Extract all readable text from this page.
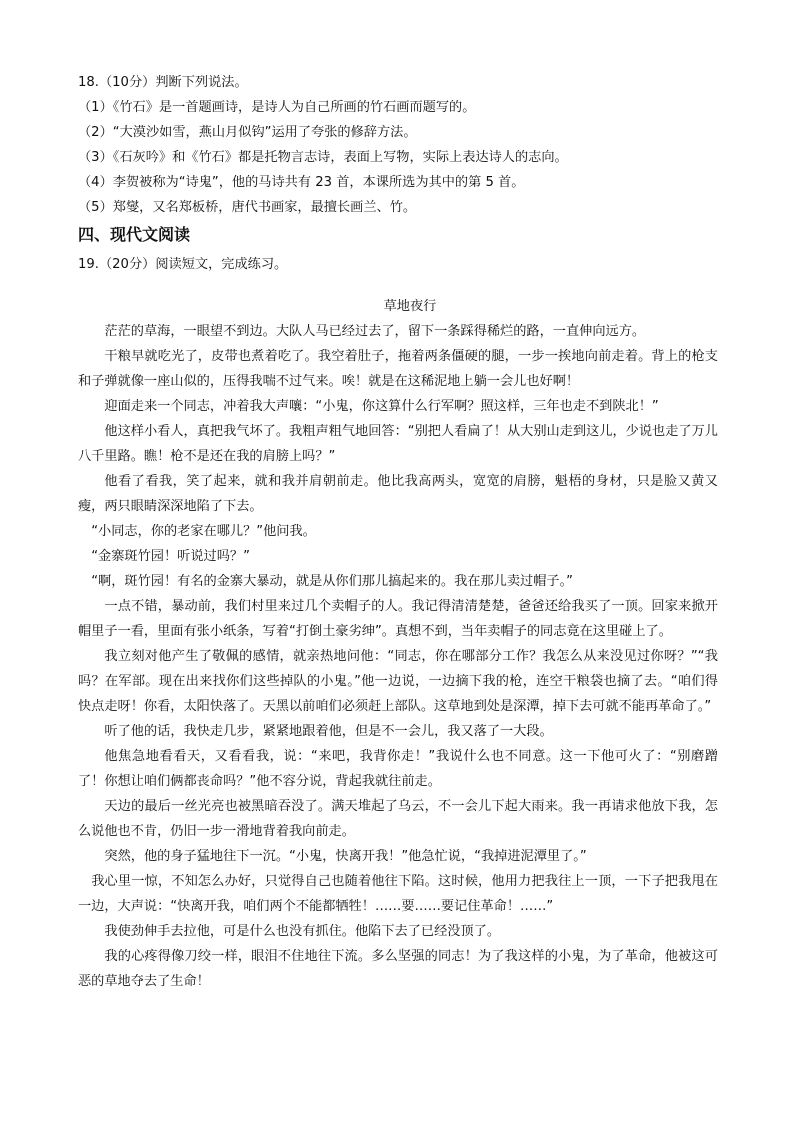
18.（10分）判断下列说法。
（1）《竹石》是一首题画诗，是诗人为自己所画的竹石画而题写的。
（2）“大漠沙如雪，燕山月似钩”运用了夸张的修辞方法。
（3）《石灰吟》和《竹石》都是托物言志诗，表面上写物，实际上表达诗人的志向。
（4）李贺被称为“诗鬼”，他的马诗共有 23 首，本课所选为其中的第 5 首。
（5）郑燮，又名郑板桥，唐代书画家，最擅长画兰、竹。
四、现代文阅读
19.（20分）阅读短文，完成练习。
草地夜行
茫茫的草海，一眼望不到边。大队人马已经过去了，留下一条踩得稀烂的路，一直伸向远方。
干粮早就吃光了，皮带也煮着吃了。我空着肚子，拖着两条僵硬的腿，一步一挨地向前走着。背上的枪支和子弹就像一座山似的，压得我喘不过气来。唉！就是在这稀泥地上躺一会儿也好啊！
迎面走来一个同志，冲着我大声嚷：“小鬼，你这算什么行军啊？照这样，三年也走不到陕北！”
他这样小看人，真把我气坏了。我粗声粗气地回答：“别把人看扁了！从大别山走到这儿，少说也走了万儿八千里路。瞧！枪不是还在我的肩膀上吗？”
他看了看我，笑了起来，就和我并肩朝前走。他比我高两头，宽宽的肩膀，魁梧的身材，只是脸又黄又瘦，两只眼睛深深地陷了下去。
“小同志，你的老家在哪儿？”他问我。
“金寨斑竹园！听说过吗？”
“啊，斑竹园！有名的金寨大暴动，就是从你们那儿搞起来的。我在那儿卖过帽子。”
一点不错，暴动前，我们村里来过几个卖帽子的人。我记得清清楚楚，爸爸还给我买了一顶。回家来掀开帽里子一看，里面有张小纸条，写着“打倒土豪劣绅”。真想不到，当年卖帽子的同志竟在这里碰上了。
我立刻对他产生了敬佩的感情，就亲热地问他：“同志，你在哪部分工作？我怎么从来没见过你呀？”“我吗？在军部。现在出来找你们这些掉队的小鬼。”他一边说，一边摘下我的枪，连空干粮袋也摘了去。“咱们得快点走呀！你看，太阳快落了。天黑以前咱们必须赶上部队。这草地到处是深潭，掉下去可就不能再革命了。”
听了他的话，我快走几步，紧紧地跟着他，但是不一会儿，我又落了一大段。
他焦急地看看天，又看看我，说：“来吧，我背你走！”我说什么也不同意。这一下他可火了：“别磨蹭了！你想让咱们俩都丧命吗？”他不容分说，背起我就往前走。
天边的最后一丝光亮也被黑暗吞没了。满天堆起了乌云，不一会儿下起大雨来。我一再请求他放下我，怎么说他也不肯，仍旧一步一滑地背着我向前走。
突然，他的身子猛地往下一沉。“小鬼，快离开我！”他急忙说，“我掉进泥潭里了。”
我心里一惊，不知怎么办好，只觉得自己也随着他往下陷。这时候，他用力把我往上一顶，一下子把我甩在一边，大声说：“快离开我，咱们两个不能都牺牲！……要……要记住革命！……”
我使劲伸手去拉他，可是什么也没有抓住。他陷下去了已经没顶了。
我的心疼得像刀绞一样，眼泪不住地往下流。多么坚强的同志！为了我这样的小鬼，为了革命，他被这可恶的草地夺去了生命！
